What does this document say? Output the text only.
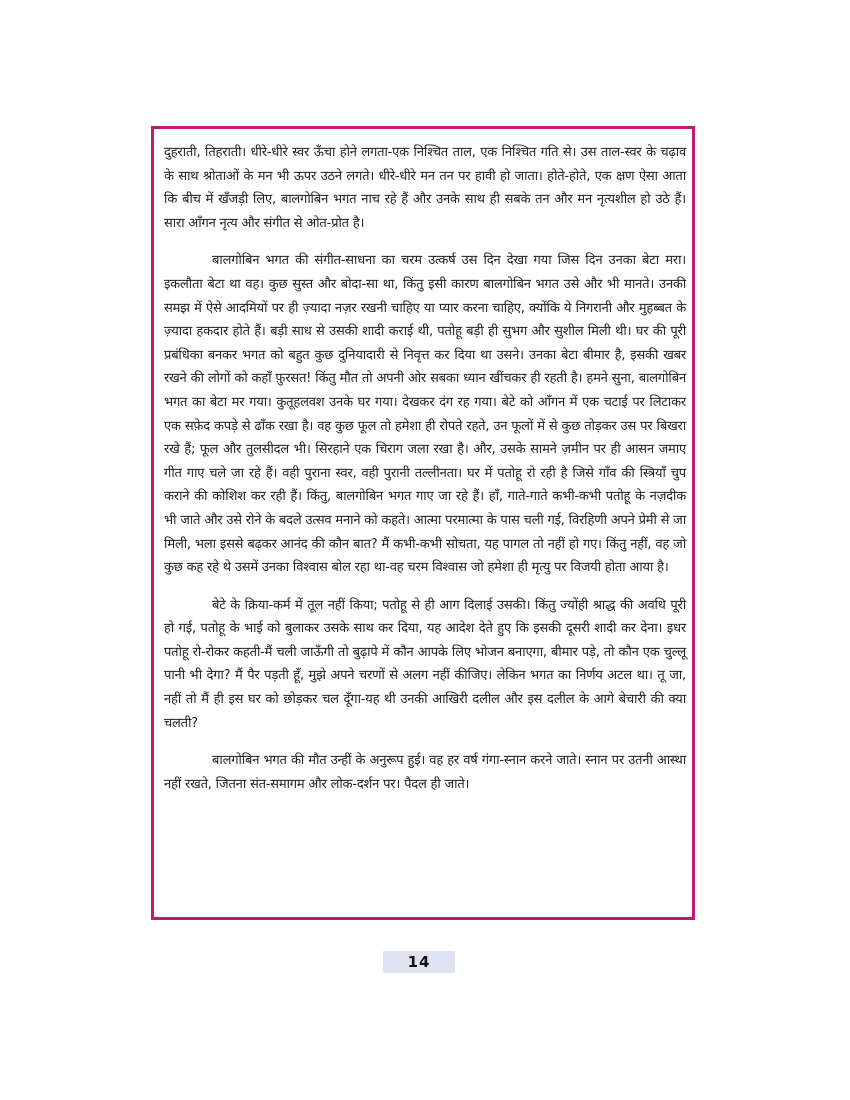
दुहराती, तिहराती। धीरे-धीरे स्वर ऊँचा होने लगता-एक निश्चित ताल, एक निश्चित गति से। उस ताल-स्वर के चढ़ाव के साथ श्रोताओं के मन भी ऊपर उठने लगते। धीरे-धीरे मन तन पर हावी हो जाता। होते-होते, एक क्षण ऐसा आता कि बीच में खँजड़ी लिए, बालगोबिन भगत नाच रहे हैं और उनके साथ ही सबके तन और मन नृत्यशील हो उठे हैं। सारा आँगन नृत्य और संगीत से ओत-प्रोत है।

बालगोबिन भगत की संगीत-साधना का चरम उत्कर्ष उस दिन देखा गया जिस दिन उनका बेटा मरा। इकलौता बेटा था वह। कुछ सुस्त और बोदा-सा था, किंतु इसी कारण बालगोबिन भगत उसे और भी मानते। उनकी समझ में ऐसे आदमियों पर ही ज़्यादा नज़र रखनी चाहिए या प्यार करना चाहिए, क्योंकि ये निगरानी और मुहब्बत के ज़्यादा हकदार होते हैं। बड़ी साध से उसकी शादी कराई थी, पतोहू बड़ी ही सुभग और सुशील मिली थी। घर की पूरी प्रबंधिका बनकर भगत को बहुत कुछ दुनियादारी से निवृत्त कर दिया था उसने। उनका बेटा बीमार है, इसकी खबर रखने की लोगों को कहाँ फ़ुरसत! किंतु मौत तो अपनी ओर सबका ध्यान खींचकर ही रहती है। हमने सुना, बालगोबिन भगत का बेटा मर गया। कुतूहलवश उनके घर गया। देखकर दंग रह गया। बेटे को आँगन में एक चटाई पर लिटाकर एक सफ़ेद कपड़े से ढाँक रखा है। वह कुछ फूल तो हमेशा ही रोपते रहते, उन फूलों में से कुछ तोड़कर उस पर बिखरा रखे हैं; फूल और तुलसीदल भी। सिरहाने एक चिराग जला रखा है। और, उसके सामने ज़मीन पर ही आसन जमाए गीत गाए चले जा रहे हैं। वही पुराना स्वर, वही पुरानी तल्लीनता। घर में पतोहू रो रही है जिसे गाँव की स्त्रियाँ चुप कराने की कोशिश कर रही हैं। किंतु, बालगोबिन भगत गाए जा रहे हैं। हाँ, गाते-गाते कभी-कभी पतोहू के नज़दीक भी जाते और उसे रोने के बदले उत्सव मनाने को कहते। आत्मा परमात्मा के पास चली गई, विरहिणी अपने प्रेमी से जा मिली, भला इससे बढ़कर आनंद की कौन बात? मैं कभी-कभी सोचता, यह पागल तो नहीं हो गए। किंतु नहीं, वह जो कुछ कह रहे थे उसमें उनका विश्वास बोल रहा था-वह चरम विश्वास जो हमेशा ही मृत्यु पर विजयी होता आया है।

बेटे के क्रिया-कर्म में तूल नहीं किया; पतोहू से ही आग दिलाई उसकी। किंतु ज्योंही श्राद्ध की अवधि पूरी हो गई, पतोहू के भाई को बुलाकर उसके साथ कर दिया, यह आदेश देते हुए कि इसकी दूसरी शादी कर देना। इधर पतोहू रो-रोकर कहती-मैं चली जाऊँगी तो बुढ़ापे में कौन आपके लिए भोजन बनाएगा, बीमार पड़े, तो कौन एक चुल्लू पानी भी देगा? मैं पैर पड़ती हूँ, मुझे अपने चरणों से अलग नहीं कीजिए। लेकिन भगत का निर्णय अटल था। तू जा, नहीं तो मैं ही इस घर को छोड़कर चल दूँगा-यह थी उनकी आखिरी दलील और इस दलील के आगे बेचारी की क्या चलती?

बालगोबिन भगत की मौत उन्हीं के अनुरूप हुई। वह हर वर्ष गंगा-स्नान करने जाते। स्नान पर उतनी आस्था नहीं रखते, जितना संत-समागम और लोक-दर्शन पर। पैदल ही जाते।

14
